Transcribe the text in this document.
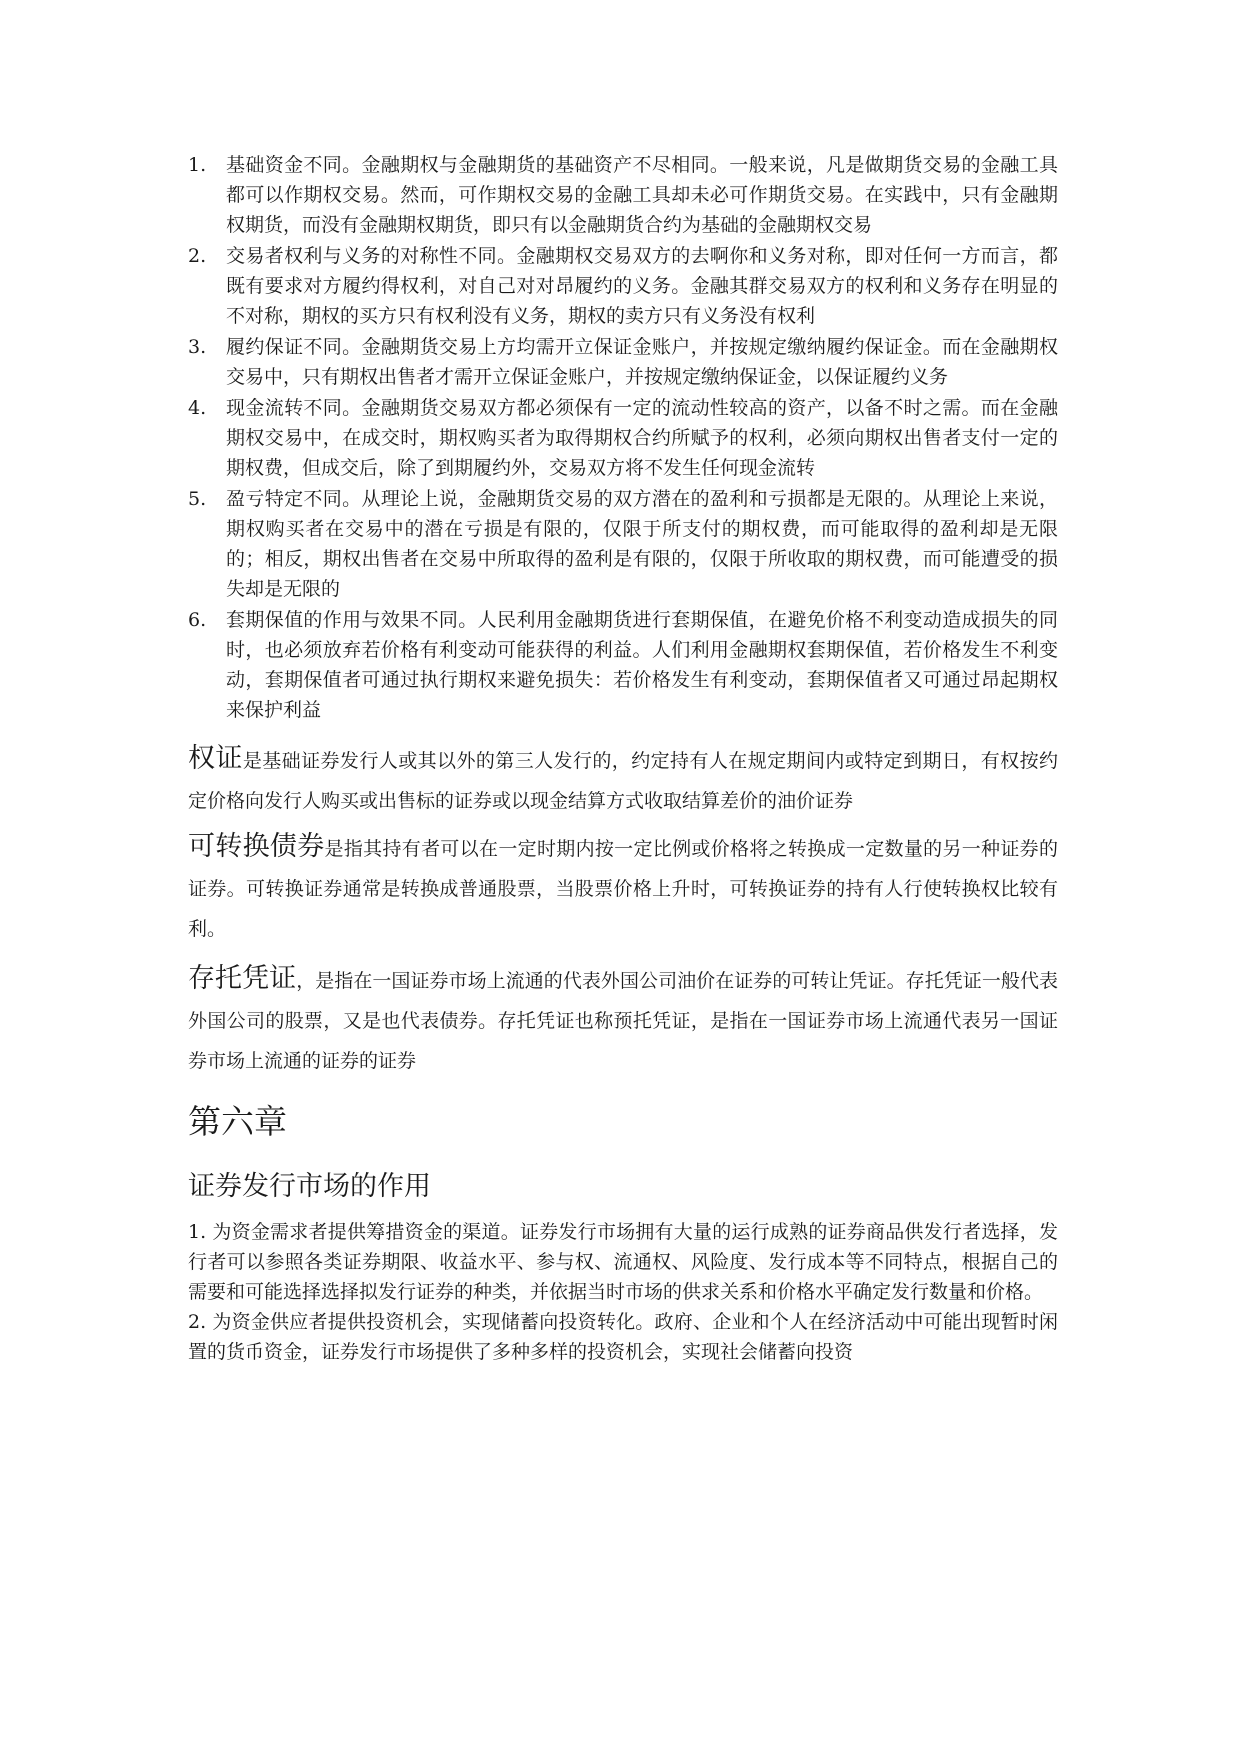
1.	基础资金不同。金融期权与金融期货的基础资产不尽相同。一般来说，凡是做期货交易的金融工具都可以作期权交易。然而，可作期权交易的金融工具却未必可作期货交易。在实践中，只有金融期权期货，而没有金融期权期货，即只有以金融期货合约为基础的金融期权交易
2.	交易者权利与义务的对称性不同。金融期权交易双方的去啊你和义务对称，即对任何一方而言，都既有要求对方履约得权利，对自己对对昂履约的义务。金融其群交易双方的权利和义务存在明显的不对称，期权的买方只有权利没有义务，期权的卖方只有义务没有权利
3.	履约保证不同。金融期货交易上方均需开立保证金账户，并按规定缴纳履约保证金。而在金融期权交易中，只有期权出售者才需开立保证金账户，并按规定缴纳保证金，以保证履约义务
4.	现金流转不同。金融期货交易双方都必须保有一定的流动性较高的资产，以备不时之需。而在金融期权交易中，在成交时，期权购买者为取得期权合约所赋予的权利，必须向期权出售者支付一定的期权费，但成交后，除了到期履约外，交易双方将不发生任何现金流转
5.	盈亏特定不同。从理论上说，金融期货交易的双方潜在的盈利和亏损都是无限的。从理论上来说，期权购买者在交易中的潜在亏损是有限的，仅限于所支付的期权费，而可能取得的盈利却是无限的；相反，期权出售者在交易中所取得的盈利是有限的，仅限于所收取的期权费，而可能遭受的损失却是无限的
6.	套期保值的作用与效果不同。人民利用金融期货进行套期保值，在避免价格不利变动造成损失的同时，也必须放弃若价格有利变动可能获得的利益。人们利用金融期权套期保值，若价格发生不利变动，套期保值者可通过执行期权来避免损失：若价格发生有利变动，套期保值者又可通过昂起期权来保护利益

权证是基础证券发行人或其以外的第三人发行的，约定持有人在规定期间内或特定到期日，有权按约定价格向发行人购买或出售标的证券或以现金结算方式收取结算差价的油价证券

可转换债券是指其持有者可以在一定时期内按一定比例或价格将之转换成一定数量的另一种证券的证券。可转换证券通常是转换成普通股票，当股票价格上升时，可转换证券的持有人行使转换权比较有利。

存托凭证，是指在一国证券市场上流通的代表外国公司油价在证券的可转让凭证。存托凭证一般代表外国公司的股票，又是也代表债券。存托凭证也称预托凭证，是指在一国证券市场上流通代表另一国证券市场上流通的证券的证券

第六章
证券发行市场的作用

1. 为资金需求者提供筹措资金的渠道。证券发行市场拥有大量的运行成熟的证券商品供发行者选择，发行者可以参照各类证券期限、收益水平、参与权、流通权、风险度、发行成本等不同特点，根据自己的需要和可能选择选择拟发行证券的种类，并依据当时市场的供求关系和价格水平确定发行数量和价格。

2. 为资金供应者提供投资机会，实现储蓄向投资转化。政府、企业和个人在经济活动中可能出现暂时闲置的货币资金，证券发行市场提供了多种多样的投资机会，实现社会储蓄向投资
